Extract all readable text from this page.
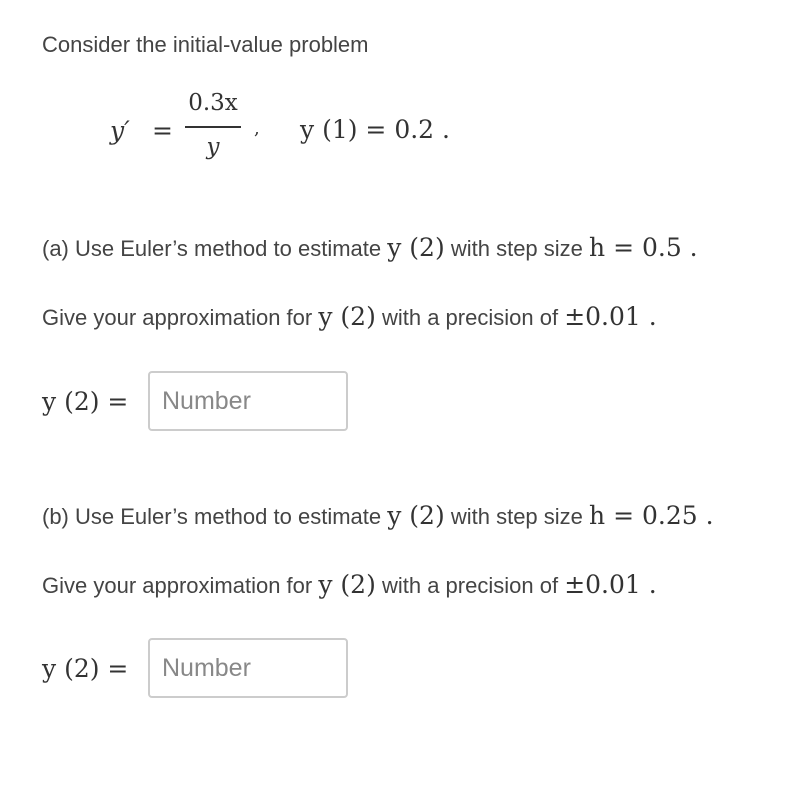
Consider the initial-value problem
y′ =
0.3x
y
, y (1) = 0.2 .
(a) Use Euler’s method to estimate y (2) with step size h = 0.5 .
Give your approximation for y (2) with a precision of ±0.01 .
y (2) =
Number
(b) Use Euler’s method to estimate y (2) with step size h = 0.25 .
Give your approximation for y (2) with a precision of ±0.01 .
y (2) =
Number
